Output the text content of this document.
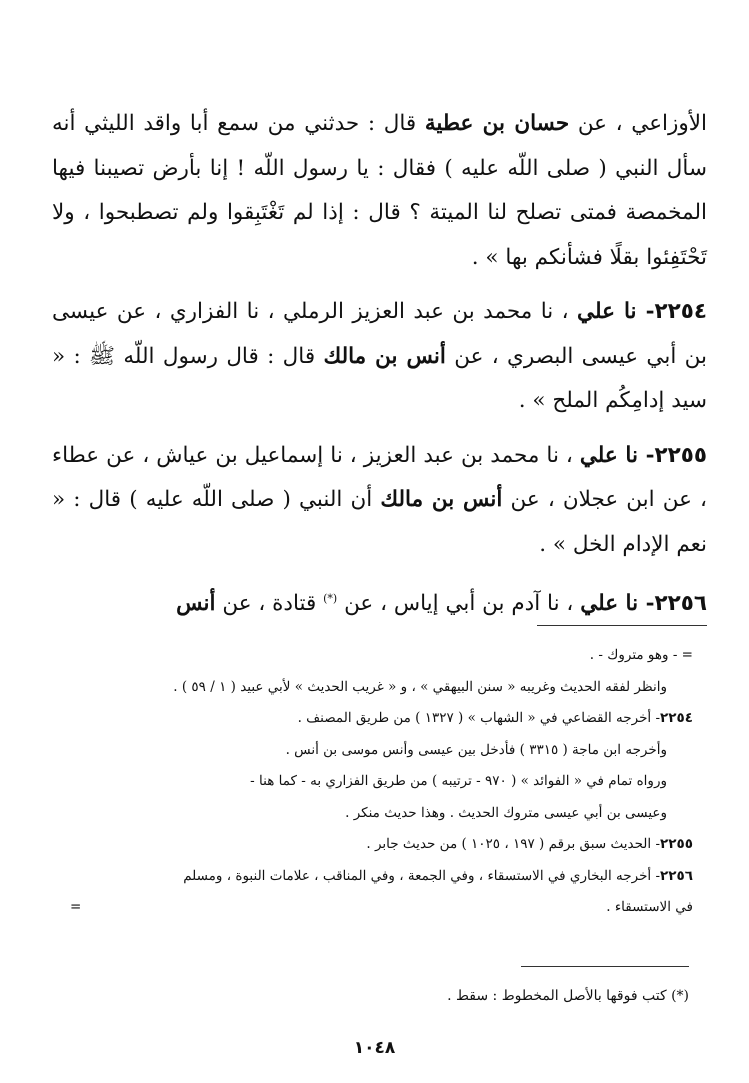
الأوزاعي ، عن حسان بن عطية قال : حدثني من سمع أبا واقد الليثي أنه سأل النبي ( صلى اللّه عليه ) فقال : يا رسول اللّه ! إنا بأرض تصيبنا فيها المخمصة فمتى تصلح لنا الميتة ؟ قال : إذا لم تَغْتَبِقوا ولم تصطبحوا ، ولا تَحْتَفِئوا بقلًا فشأنكم بها » .

٢٢٥٤- نا علي ، نا محمد بن عبد العزيز الرملي ، نا الفزاري ، عن عيسى بن أبي عيسى البصري ، عن أنس بن مالك قال : قال رسول اللّه ﷺ : « سيد إدامِكُم الملح » .

٢٢٥٥- نا علي ، نا محمد بن عبد العزيز ، نا إسماعيل بن عياش ، عن عطاء ، عن ابن عجلان ، عن أنس بن مالك أن النبي ( صلى اللّه عليه ) قال : « نعم الإدام الخل » .

٢٢٥٦- نا علي ، نا آدم بن أبي إياس ، عن (*) قتادة ، عن أنس

= - وهو متروك - .

وانظر لفقه الحديث وغريبه « سنن البيهقي » ، و « غريب الحديث » لأبي عبيد ( ١ / ٥٩ ) .

٢٢٥٤- أخرجه القضاعي في « الشهاب » ( ١٣٢٧ ) من طريق المصنف .

وأخرجه ابن ماجة ( ٣٣١٥ ) فأدخل بين عيسى وأنس موسى بن أنس .

ورواه تمام في « الفوائد » ( ٩٧٠ - ترتيبه ) من طريق الفزاري به - كما هنا -

وعيسى بن أبي عيسى متروك الحديث . وهذا حديث منكر .

٢٢٥٥- الحديث سبق برقم ( ١٩٧ ، ١٠٢٥ ) من حديث جابر .

٢٢٥٦- أخرجه البخاري في الاستسقاء ، وفي الجمعة ، وفي المناقب ، علامات النبوة ، ومسلم

في الاستسقاء .
=

(*) كتب فوقها بالأصل المخطوط : سقط .
١٠٤٨
